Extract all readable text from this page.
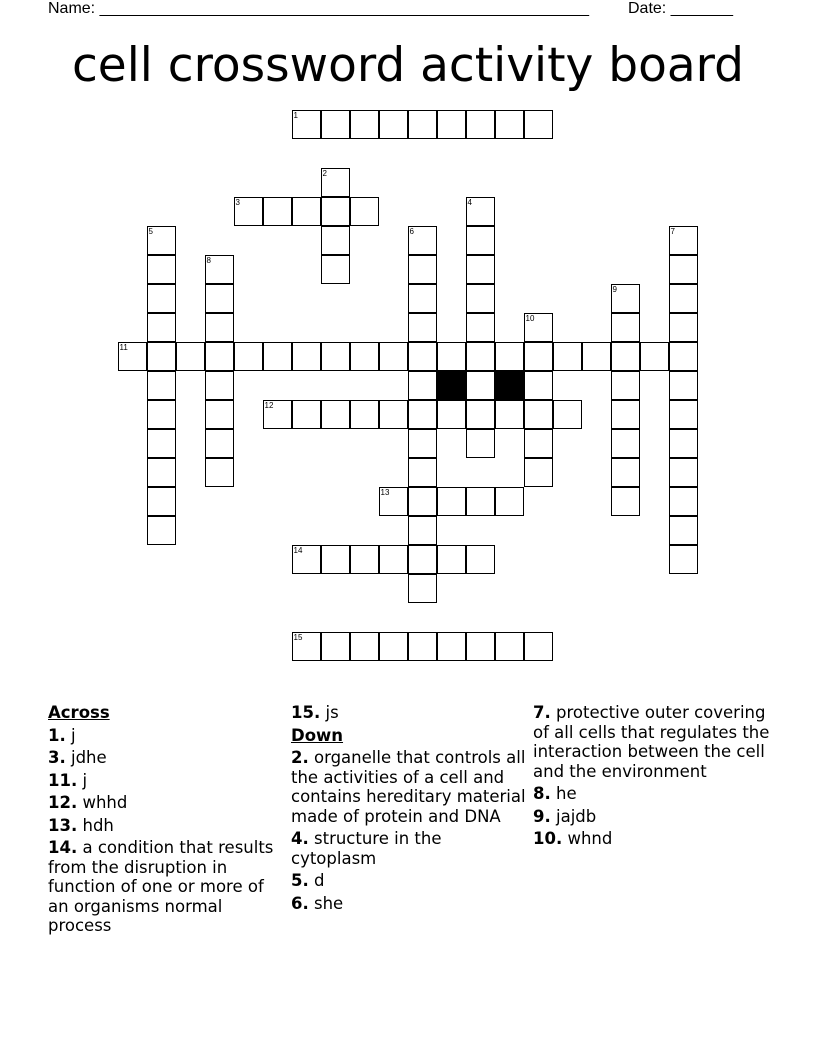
Name: _______________________________________________________ Date: _______
cell crossword activity board
1
3
11
12
13
14
15
2
4
5	6	7
8
9
10
Across
1. j
3. jdhe
11. j
12. whhd
13. hdh
14. a condition that results from the disruption in function of one or more of an organisms normal process
15. js
Down
2. organelle that controls all the activities of a cell and contains hereditary material made of protein and DNA
4. structure in the cytoplasm
5. d
6. she
7. protective outer covering of all cells that regulates the interaction between the cell and the environment
8. he
9. jajdb
10. whnd
